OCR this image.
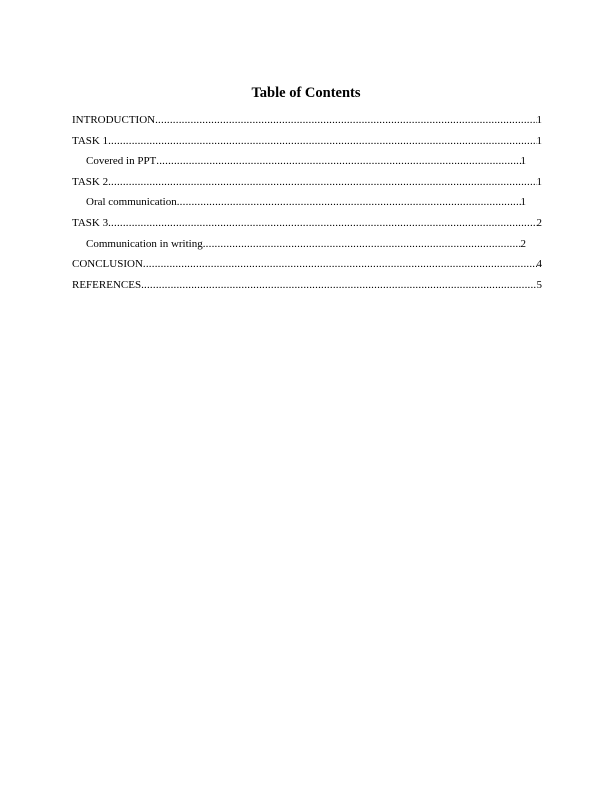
Table of Contents
INTRODUCTION .....	1
TASK 1 .....	1
Covered in PPT .....	1
TASK 2 .....	1
Oral communication .....	1
TASK 3 .....	2
Communication in writing .....	2
CONCLUSION .....	4
REFERENCES .....	5
